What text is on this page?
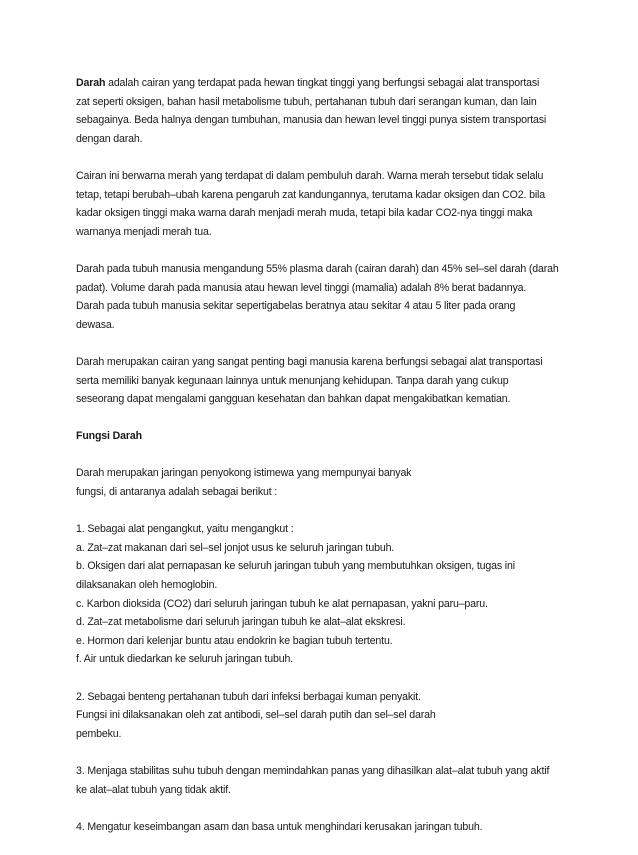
Darah adalah cairan yang terdapat pada hewan tingkat tinggi yang berfungsi sebagai alat transportasi
zat seperti oksigen, bahan hasil metabolisme tubuh, pertahanan tubuh dari serangan kuman, dan lain
sebagainya. Beda halnya dengan tumbuhan, manusia dan hewan level tinggi punya sistem transportasi
dengan darah.

Cairan ini berwarna merah yang terdapat di dalam pembuluh darah. Warna merah tersebut tidak selalu
tetap, tetapi berubah–ubah karena pengaruh zat kandungannya, terutama kadar oksigen dan CO2. bila
kadar oksigen tinggi maka warna darah menjadi merah muda, tetapi bila kadar CO2-nya tinggi maka
warnanya menjadi merah tua.

Darah pada tubuh manusia mengandung 55% plasma darah (cairan darah) dan 45% sel–sel darah (darah
padat). Volume darah pada manusia atau hewan level tinggi (mamalia) adalah 8% berat badannya.
Darah pada tubuh manusia sekitar sepertigabelas beratnya atau sekitar 4 atau 5 liter pada orang
dewasa.

Darah merupakan cairan yang sangat penting bagi manusia karena berfungsi sebagai alat transportasi
serta memiliki banyak kegunaan lainnya untuk menunjang kehidupan. Tanpa darah yang cukup
seseorang dapat mengalami gangguan kesehatan dan bahkan dapat mengakibatkan kematian.

Fungsi Darah

Darah merupakan jaringan penyokong istimewa yang mempunyai banyak
fungsi, di antaranya adalah sebagai berikut :

1. Sebagai alat pengangkut, yaitu mengangkut :
a. Zat–zat makanan dari sel–sel jonjot usus ke seluruh jaringan tubuh.
b. Oksigen dari alat pernapasan ke seluruh jaringan tubuh yang membutuhkan oksigen, tugas ini
dilaksanakan oleh hemoglobin.
c. Karbon dioksida (CO2) dari seluruh jaringan tubuh ke alat pernapasan, yakni paru–paru.
d. Zat–zat metabolisme dari seluruh jaringan tubuh ke alat–alat ekskresi.
e. Hormon dari kelenjar buntu atau endokrin ke bagian tubuh tertentu.
f. Air untuk diedarkan ke seluruh jaringan tubuh.

2. Sebagai benteng pertahanan tubuh dari infeksi berbagai kuman penyakit.
Fungsi ini dilaksanakan oleh zat antibodi, sel–sel darah putih dan sel–sel darah
pembeku.

3. Menjaga stabilitas suhu tubuh dengan memindahkan panas yang dihasilkan alat–alat tubuh yang aktif
ke alat–alat tubuh yang tidak aktif.

4. Mengatur keseimbangan asam dan basa untuk menghindari kerusakan jaringan tubuh.
